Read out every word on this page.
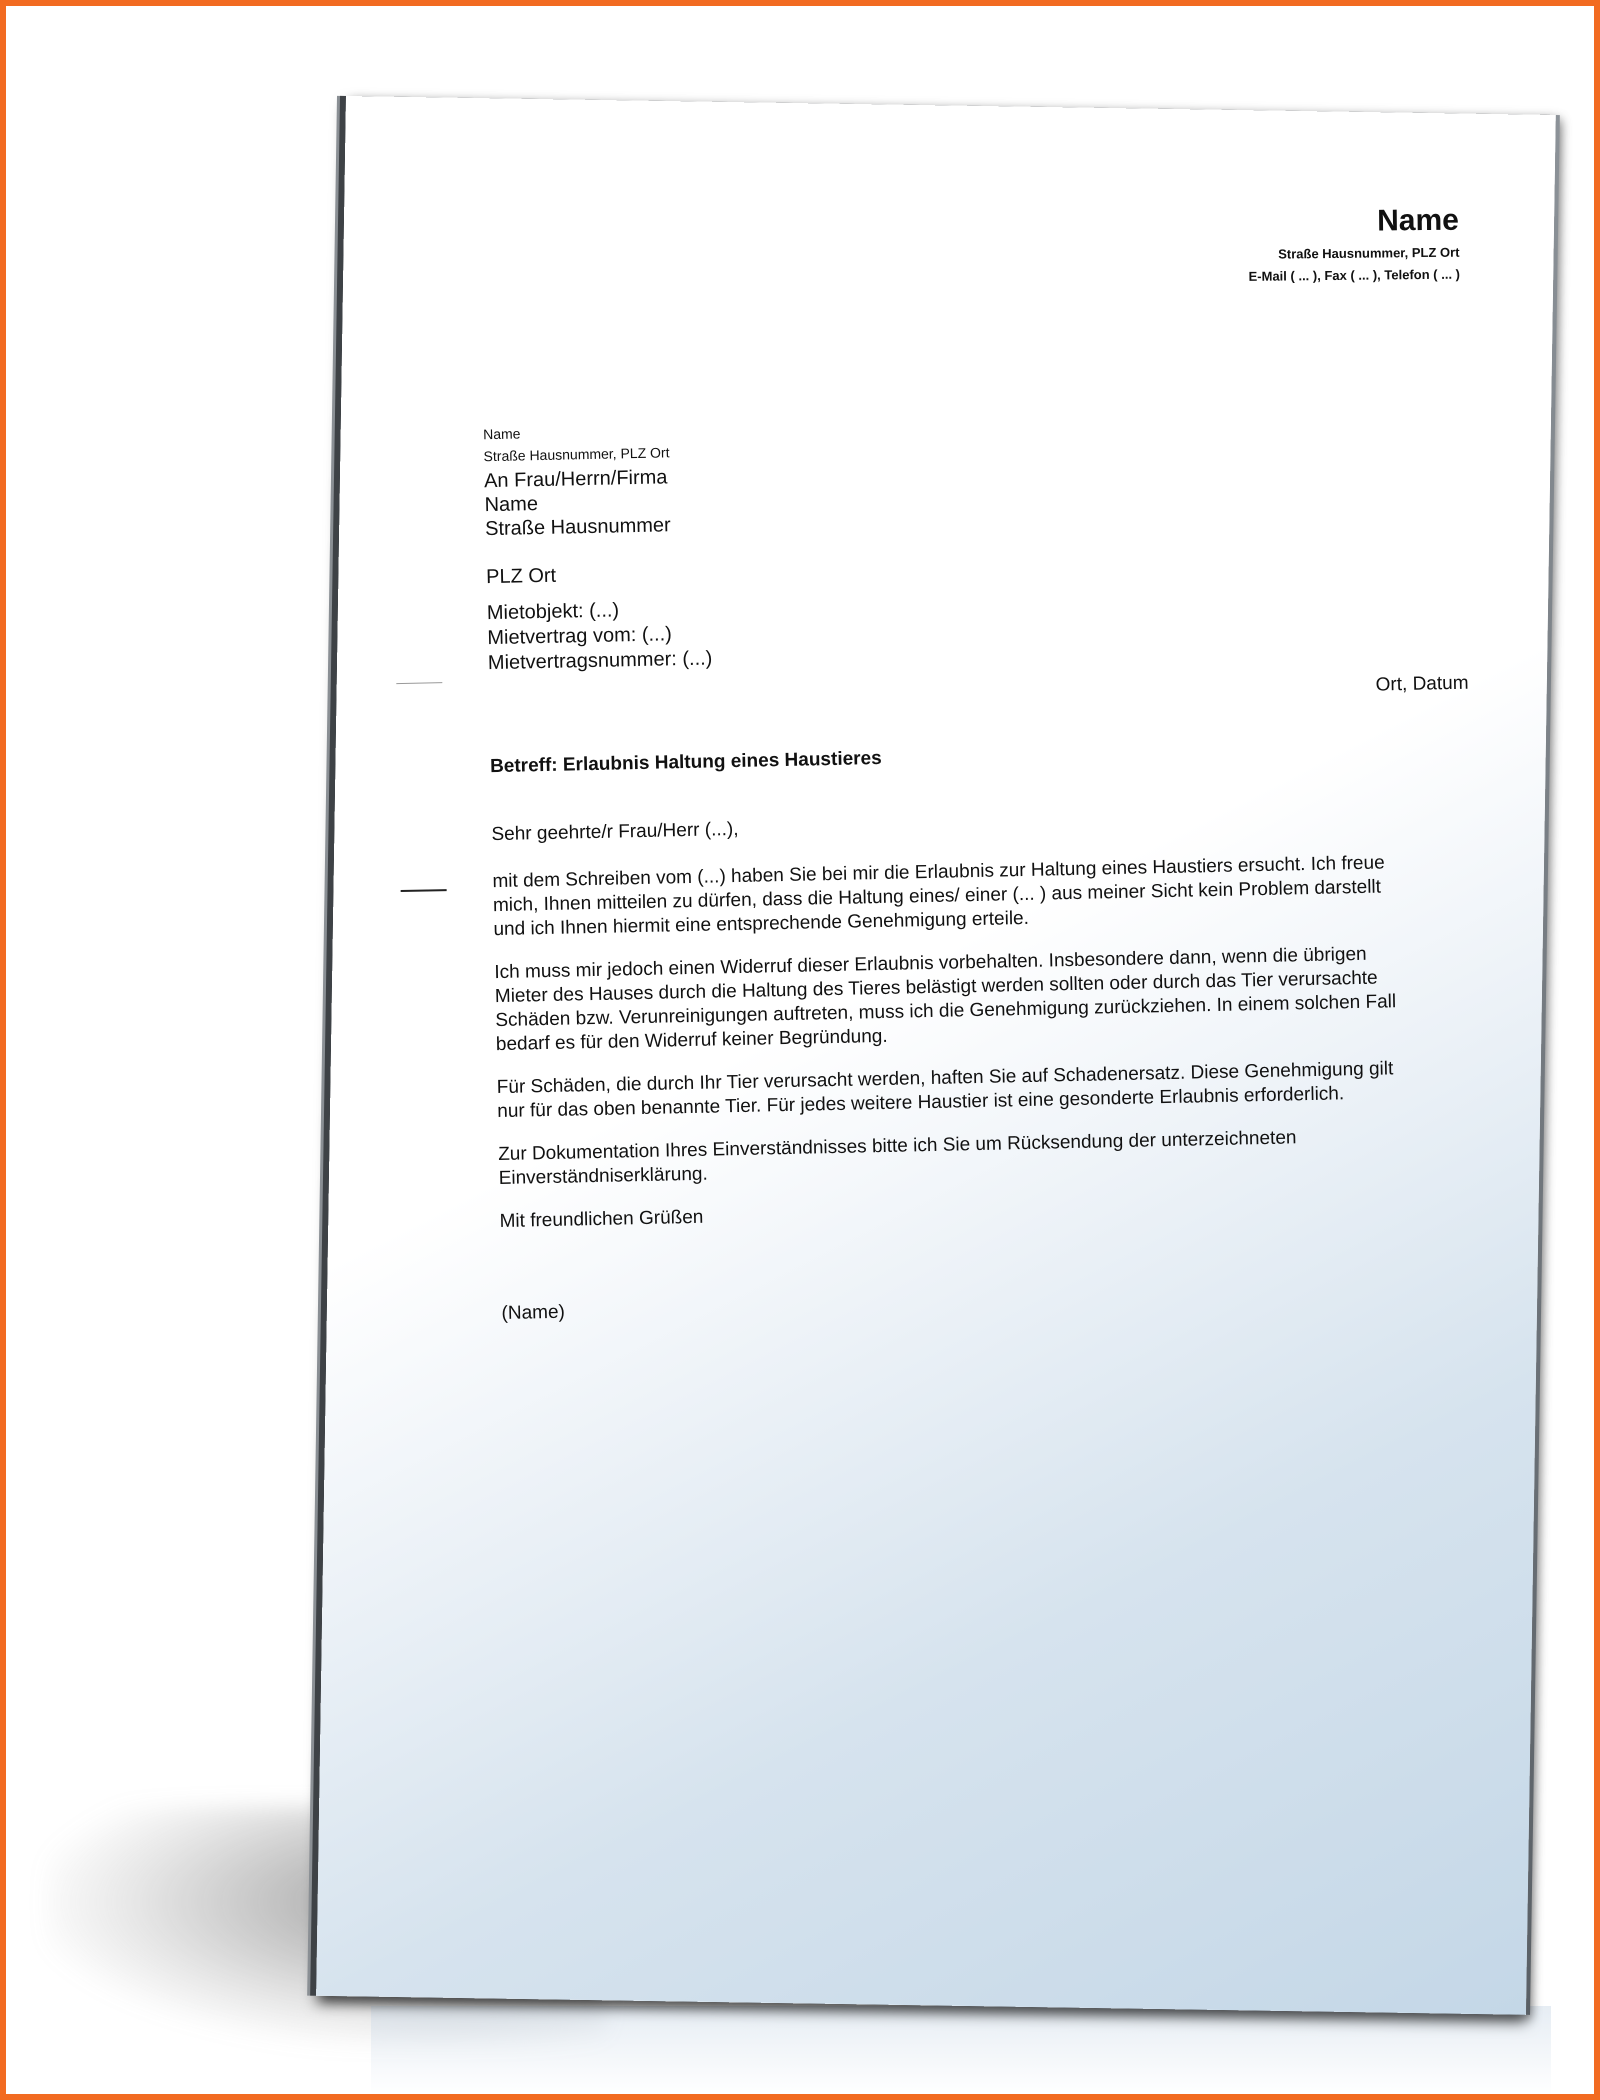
Name
Straße Hausnummer, PLZ Ort
E-Mail ( ... ), Fax ( ... ), Telefon ( ... )
Name
Straße Hausnummer, PLZ Ort
An Frau/Herrn/Firma
Name
Straße Hausnummer
PLZ Ort
Mietobjekt: (...)
Mietvertrag vom: (...)
Mietvertragsnummer: (...)
Ort, Datum
Betreff: Erlaubnis Haltung eines Haustieres

Sehr geehrte/r Frau/Herr (...),

mit dem Schreiben vom (...) haben Sie bei mir die Erlaubnis zur Haltung eines Haustiers ersucht. Ich freue mich, Ihnen mitteilen zu dürfen, dass die Haltung eines/ einer (... ) aus meiner Sicht kein Problem darstellt und ich Ihnen hiermit eine entsprechende Genehmigung erteile.

Ich muss mir jedoch einen Widerruf dieser Erlaubnis vorbehalten. Insbesondere dann, wenn die übrigen Mieter des Hauses durch die Haltung des Tieres belästigt werden sollten oder durch das Tier verursachte Schäden bzw. Verunreinigungen auftreten, muss ich die Genehmigung zurückziehen. In einem solchen Fall bedarf es für den Widerruf keiner Begründung.

Für Schäden, die durch Ihr Tier verursacht werden, haften Sie auf Schadenersatz. Diese Genehmigung gilt nur für das oben benannte Tier. Für jedes weitere Haustier ist eine gesonderte Erlaubnis erforderlich.

Zur Dokumentation Ihres Einverständnisses bitte ich Sie um Rücksendung der unterzeichneten Einverständniserklärung.

Mit freundlichen Grüßen

(Name)
